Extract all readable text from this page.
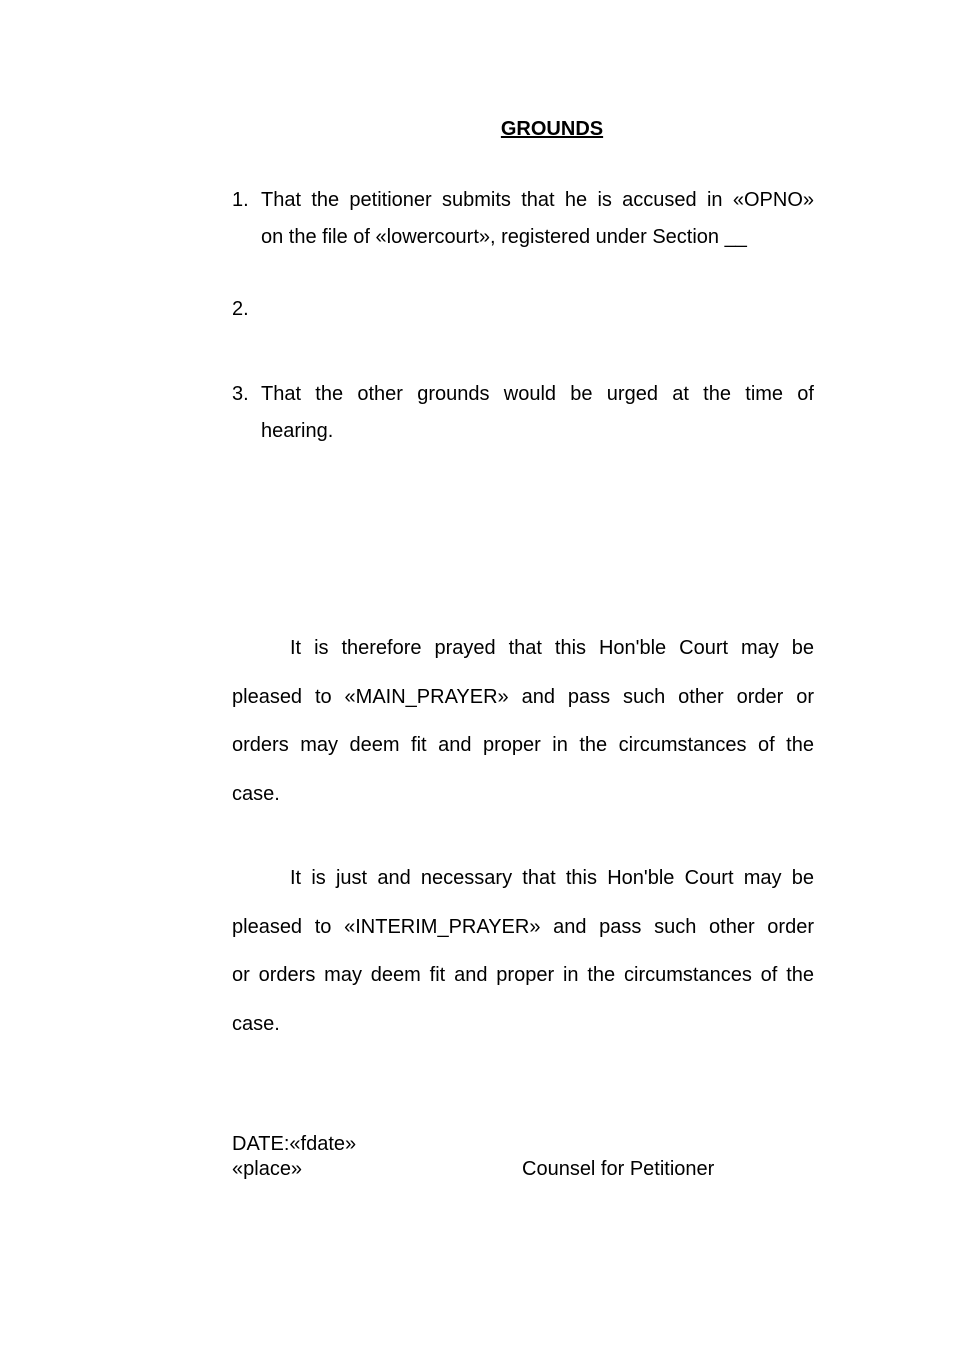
GROUNDS
1. That the petitioner submits that he is accused in «OPNO»
on the file of «lowercourt», registered under Section __
2.
3. That the other grounds would be urged at the time of
hearing.
It is therefore prayed that this Hon'ble Court may be
pleased to «MAIN_PRAYER» and pass such other order or
orders may deem fit and proper in the circumstances of the
case.
It is just and necessary that this Hon'ble Court may be
pleased to «INTERIM_PRAYER» and pass such other order
or orders may deem fit and proper in the circumstances of the
case.
DATE:«fdate»
«place»	Counsel for Petitioner
